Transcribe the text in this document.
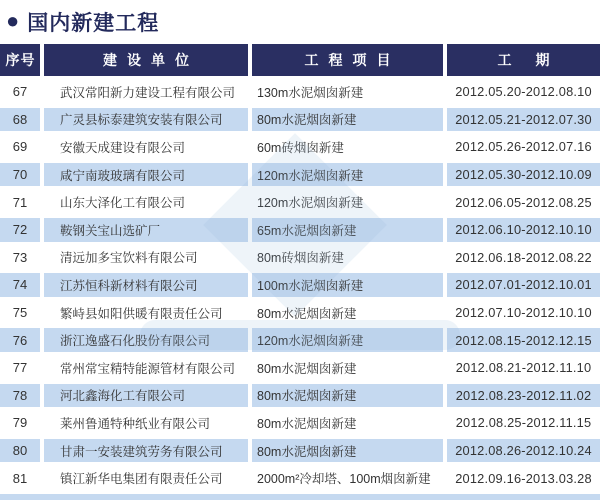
● 国内新建工程
序号	建设单位	工程项目	工期
67	武汉常阳新力建设工程有限公司	130m水泥烟囱新建	2012.05.20-2012.08.10
68	广灵县标泰建筑安装有限公司	80m水泥烟囱新建	2012.05.21-2012.07.30
69	安徽天成建设有限公司	60m砖烟囱新建	2012.05.26-2012.07.16
70	咸宁南玻玻璃有限公司	120m水泥烟囱新建	2012.05.30-2012.10.09
71	山东大泽化工有限公司	120m水泥烟囱新建	2012.06.05-2012.08.25
72	鞍钢关宝山选矿厂	65m水泥烟囱新建	2012.06.10-2012.10.10
73	清远加多宝饮料有限公司	80m砖烟囱新建	2012.06.18-2012.08.22
74	江苏恒科新材料有限公司	100m水泥烟囱新建	2012.07.01-2012.10.01
75	繁峙县如阳供暖有限责任公司	80m水泥烟囱新建	2012.07.10-2012.10.10
76	浙江逸盛石化股份有限公司	120m水泥烟囱新建	2012.08.15-2012.12.15
77	常州常宝精特能源管材有限公司	80m水泥烟囱新建	2012.08.21-2012.11.10
78	河北鑫海化工有限公司	80m水泥烟囱新建	2012.08.23-2012.11.02
79	莱州鲁通特种纸业有限公司	80m水泥烟囱新建	2012.08.25-2012.11.15
80	甘肃一安装建筑劳务有限公司	80m水泥烟囱新建	2012.08.26-2012.10.24
81	镇江新华电集团有限责任公司	2000m²冷却塔、100m烟囱新建	2012.09.16-2013.03.28
